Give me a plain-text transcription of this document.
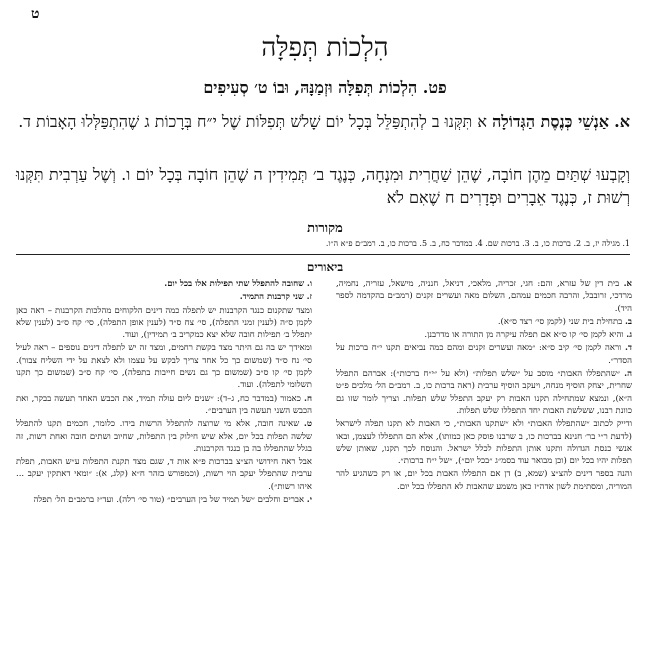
ט
הִלְכוֹת תְּפִלָּה
פט. הִלְכוֹת תְּפִלָּה וּזְמַנָּהּ, וּבוֹ ט׳ סְעִיפִים
א. אַנְשֵׁי כְּנֶסֶת הַגְּדוֹלָה א תִּקְּנוּ ב לְהִתְפַּלֵּל בְּכָל יוֹם שָׁלשׁ תְּפִלּוֹת שֶׁל י״ח בְּרָכוֹת ג שֶׁהִתְפַּלְּלוּ הָאָבוֹת ד.
וְקָבְעוּ שְׁתַּיִם מֵהֶן חוֹבָה, שֶׁהֵן שַׁחֲרִית וּמִנְחָה, כְּנֶגֶד ב׳ תְּמִידִין ה שֶׁהֵן חוֹבָה בְּכָל יוֹם ו. וְשֶׁל עַרְבִית תִּקְּנוּ רְשׁוּת ז, כְּנֶגֶד אֵבָרִים וּפְדָרִים ח שֶׁאִם לֹא
מקורות
1. מגילה יז, ב. 2. ברכות כו, ב. 3. ברכות שם. 4. במדבר כח, ב. 5. ברכות כו, ב. רמב״ם פ״א ה״ו.
ביאורים

א. בית דין של עזרא, והם: חגי, זכריה, מלאכי, דניאל, חנניה, מישאל, עזריה, נחמיה, מרדכי, זרובבל, והרבה חכמים עמהם, השלום מאה ועשרים זקנים (רמב״ם בהקדמה לספר היד).

ב. בתחילת בית שני (לקמן סי׳ רצד ס״א).

ג. והיא לקמן סי׳ קו ס״א אם תפלה עיקרה מן התורה או מדרבנן.

ד. וראה לקמן סי׳ קיב ס״א: ״מאה ועשרים זקנים ומהם כמה נביאים תקנו י״ח ברכות על הסדר״.

ה. ״שהתפללו האבות״ מוסב על ״שלש תפלות״ (ולא על ״י״ח ברכות״): אברהם התפלל שחרית, יצחק הוסיף מנחה, ויעקב הוסיף ערבית (ראה ברכות כו, ב. רמב״ם הל׳ מלכים פ״ט ה״א), ונמצא שמתחילה תקנו האבות רק יעקב התפלל שלש תפלות. וצריך לומר שזו גם כוונת רבנו, ששלשת האבות יחד התפללו שלש תפלות.

ודייק לכתוב ״שהתפללו האבות״ ולא ״שתקנו האבות״, כי האבות לא תקנו תפלה לישראל (לדעת ר״י בר׳ חנינא בברכות כו, ב שרבנו פוסק כאן כמותו), אלא הם התפללו לעצמן, ובאו אנשי כנסת הגדולה ותקנו אותן התפלות לכלל ישראל. והנוסח לכך תקנו, שאותן שלש תפלות יהיו בכל יום (וכן מבואר עוד בסמ״ג ״בכל יום״), ״של י״ח ברכות״.

והנה בספר דינים להצ״צ (שמא, ב) דן אם התפללו האבות בכל יום, או רק כשהגיע להר המוריה, ומסתימת לשון אדה״ז כאן משמע שהאבות לא התפללו בכל יום.

ו. שחובה להתפלל שתי תפילות אלו בכל יום.

ז. שני קרבנות התמיד.

ומצד שתקנום כנגד הקרבנות יש לתפלה כמה דינים הלקוחים מהלכות הקרבנות – ראה כאן לקמן ס״ה (לענין זמני התפלה), סי׳ צח ס״ד (לענין אופן התפלה), סי׳ קח ס״ב (לענין שלא יתפלל ב׳ תפילות חובה שלא יצא כמקריב ב׳ תמידין), ועוד.

ומאידך יש בה גם היתר מצד בקשת רחמים, ומצד זה יש לתפלה דינים נוספים – ראה לעיל סי׳ נח ס״ד (שמשום כך כל אחד צריך לבקש על עצמו ולא לצאת על ידי השליח צבור). לקמן סי׳ קו ס״ב (שמשום כך גם נשים חייבות בתפלה), סי׳ קח ס״ב (שמשום כך תקנו תשלומי לתפלה). ועוד.

ח. כאמור (במדבר כח, ג–ד): ״שנים ליום עולה תמיד, את הכבש האחד תעשה בבקר, ואת הכבש השני תעשה בין הערבים״.

ט. שאינה חובה, אלא מי שרוצה להתפלל הרשות בידו. כלומר, חכמים תקנו להתפלל שלשה תפלות בכל יום, אלא שיש חילוק בין התפלות, שחיוב ושתים חובה ואחת רשות, זה בגלל שהתפללו בה בן כנגד הקרבנות.

אבל ראה חידושי הצ״צ בברכות פ״א אות ד, שגם מצד תקנת התפלות ע״ש האבות, תפלת ערבית שהתפלל יעקב הוי רשות, (וכמפורש בזהר ח״א (קלג, א): ״ומאי דאתקין יעקב ... איהו רשות״).

י. אברים וחלבים ״של תמיד של בין הערבים״ (טור סי׳ רלה). ועד״ז ברמב״ם הל׳ תפלה
